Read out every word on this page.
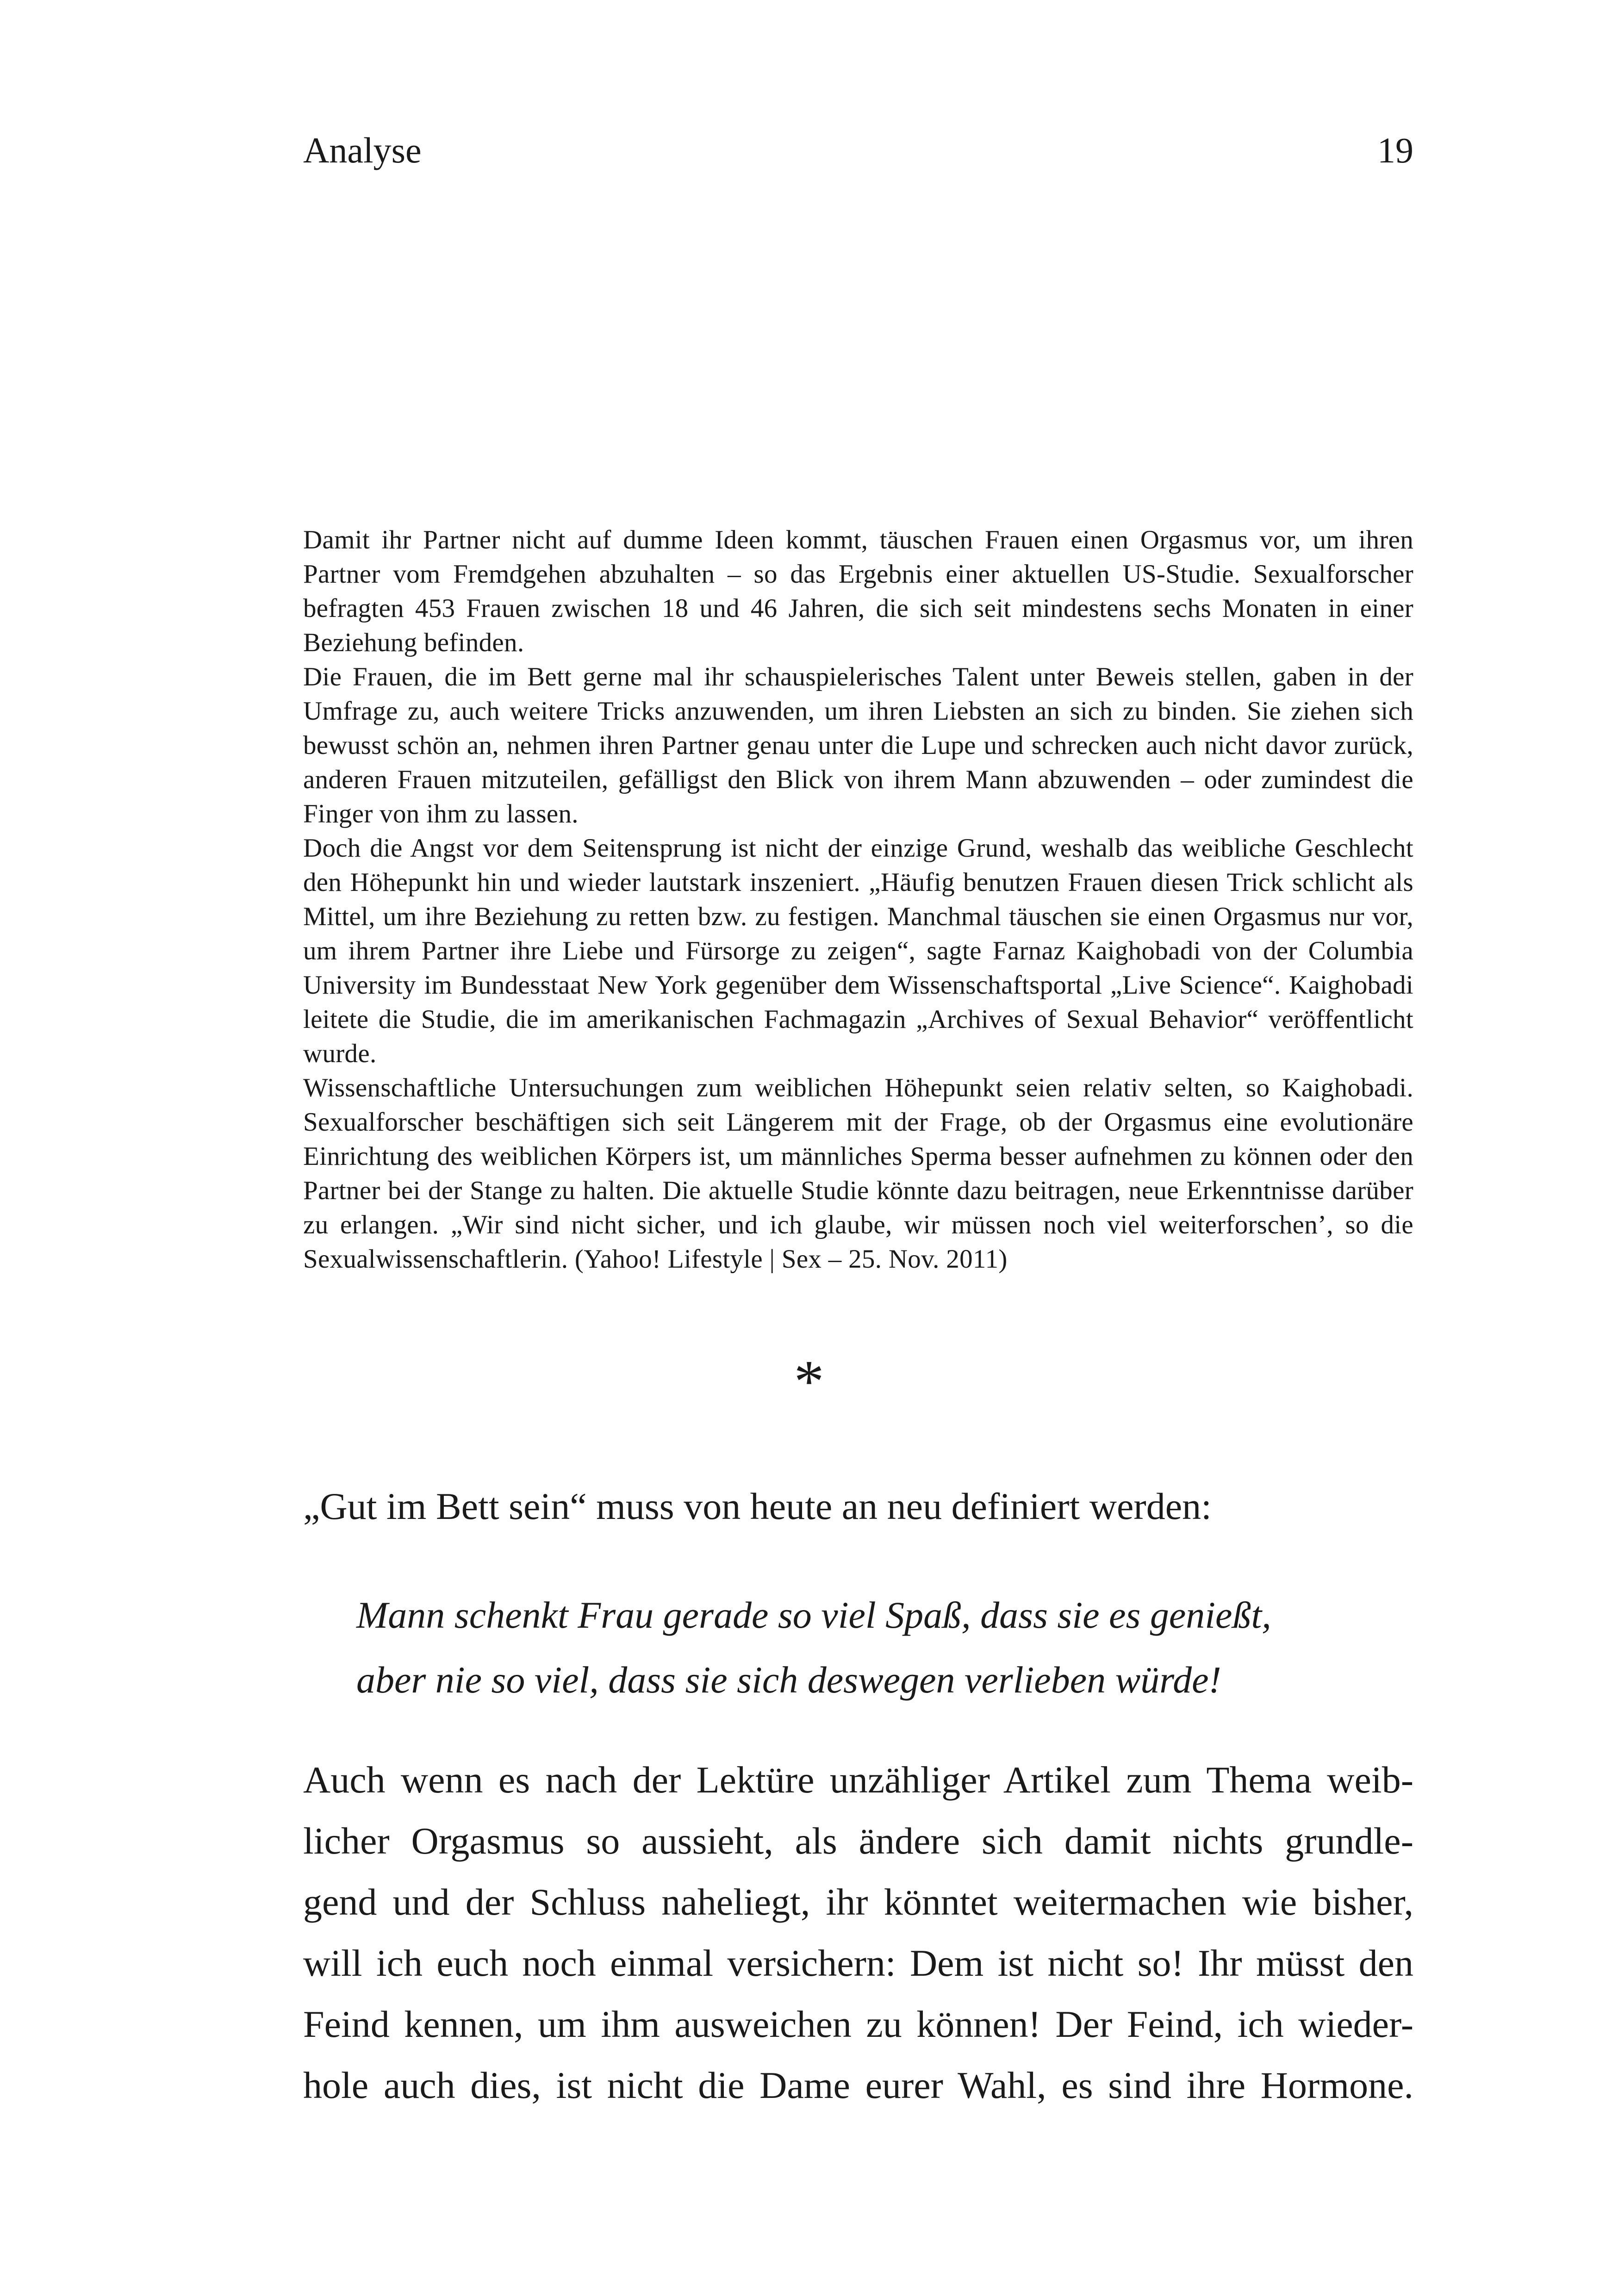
Analyse	19

Damit ihr Partner nicht auf dumme Ideen kommt, täuschen Frauen einen Orgasmus vor, um ihren Partner vom Fremdgehen abzuhalten – so das Ergebnis einer aktuellen US-Studie. Sexualforscher befragten 453 Frauen zwischen 18 und 46 Jahren, die sich seit mindestens sechs Monaten in einer Beziehung befinden.

Die Frauen, die im Bett gerne mal ihr schauspielerisches Talent unter Beweis stellen, gaben in der Umfrage zu, auch weitere Tricks anzuwenden, um ihren Liebsten an sich zu binden. Sie ziehen sich bewusst schön an, nehmen ihren Partner genau unter die Lupe und schrecken auch nicht davor zurück, anderen Frauen mitzuteilen, gefälligst den Blick von ihrem Mann abzuwenden – oder zumindest die Finger von ihm zu lassen.

Doch die Angst vor dem Seitensprung ist nicht der einzige Grund, weshalb das weibliche Geschlecht den Höhepunkt hin und wieder lautstark inszeniert. „Häufig benutzen Frauen diesen Trick schlicht als Mittel, um ihre Beziehung zu retten bzw. zu festigen. Manchmal täuschen sie einen Orgasmus nur vor, um ihrem Partner ihre Liebe und Fürsorge zu zeigen“, sagte Farnaz Kaighobadi von der Columbia University im Bundesstaat New York gegenüber dem Wissenschaftsportal „Live Science“. Kaighobadi leitete die Studie, die im amerikanischen Fachmagazin „Archives of Sexual Behavior“ veröffentlicht wurde.

Wissenschaftliche Untersuchungen zum weiblichen Höhepunkt seien relativ selten, so Kaighobadi. Sexualforscher beschäftigen sich seit Längerem mit der Frage, ob der Orgasmus eine evolutionäre Einrichtung des weiblichen Körpers ist, um männliches Sperma besser aufnehmen zu können oder den Partner bei der Stange zu halten. Die aktuelle Studie könnte dazu beitragen, neue Erkenntnisse darüber zu erlangen. „Wir sind nicht sicher, und ich glaube, wir müssen noch viel weiterforschen’, so die Sexualwissenschaftlerin. (Yahoo! Lifestyle | Sex – 25. Nov. 2011)

*
„Gut im Bett sein“ muss von heute an neu definiert werden:
Mann schenkt Frau gerade so viel Spaß, dass sie es genießt,
aber nie so viel, dass sie sich deswegen verlieben würde!
Auch wenn es nach der Lektüre unzähliger Artikel zum Thema weib-
licher Orgasmus so aussieht, als ändere sich damit nichts grundle-
gend und der Schluss naheliegt, ihr könntet weitermachen wie bisher,
will ich euch noch einmal versichern: Dem ist nicht so! Ihr müsst den
Feind kennen, um ihm ausweichen zu können! Der Feind, ich wieder-
hole auch dies, ist nicht die Dame eurer Wahl, es sind ihre Hormone.
